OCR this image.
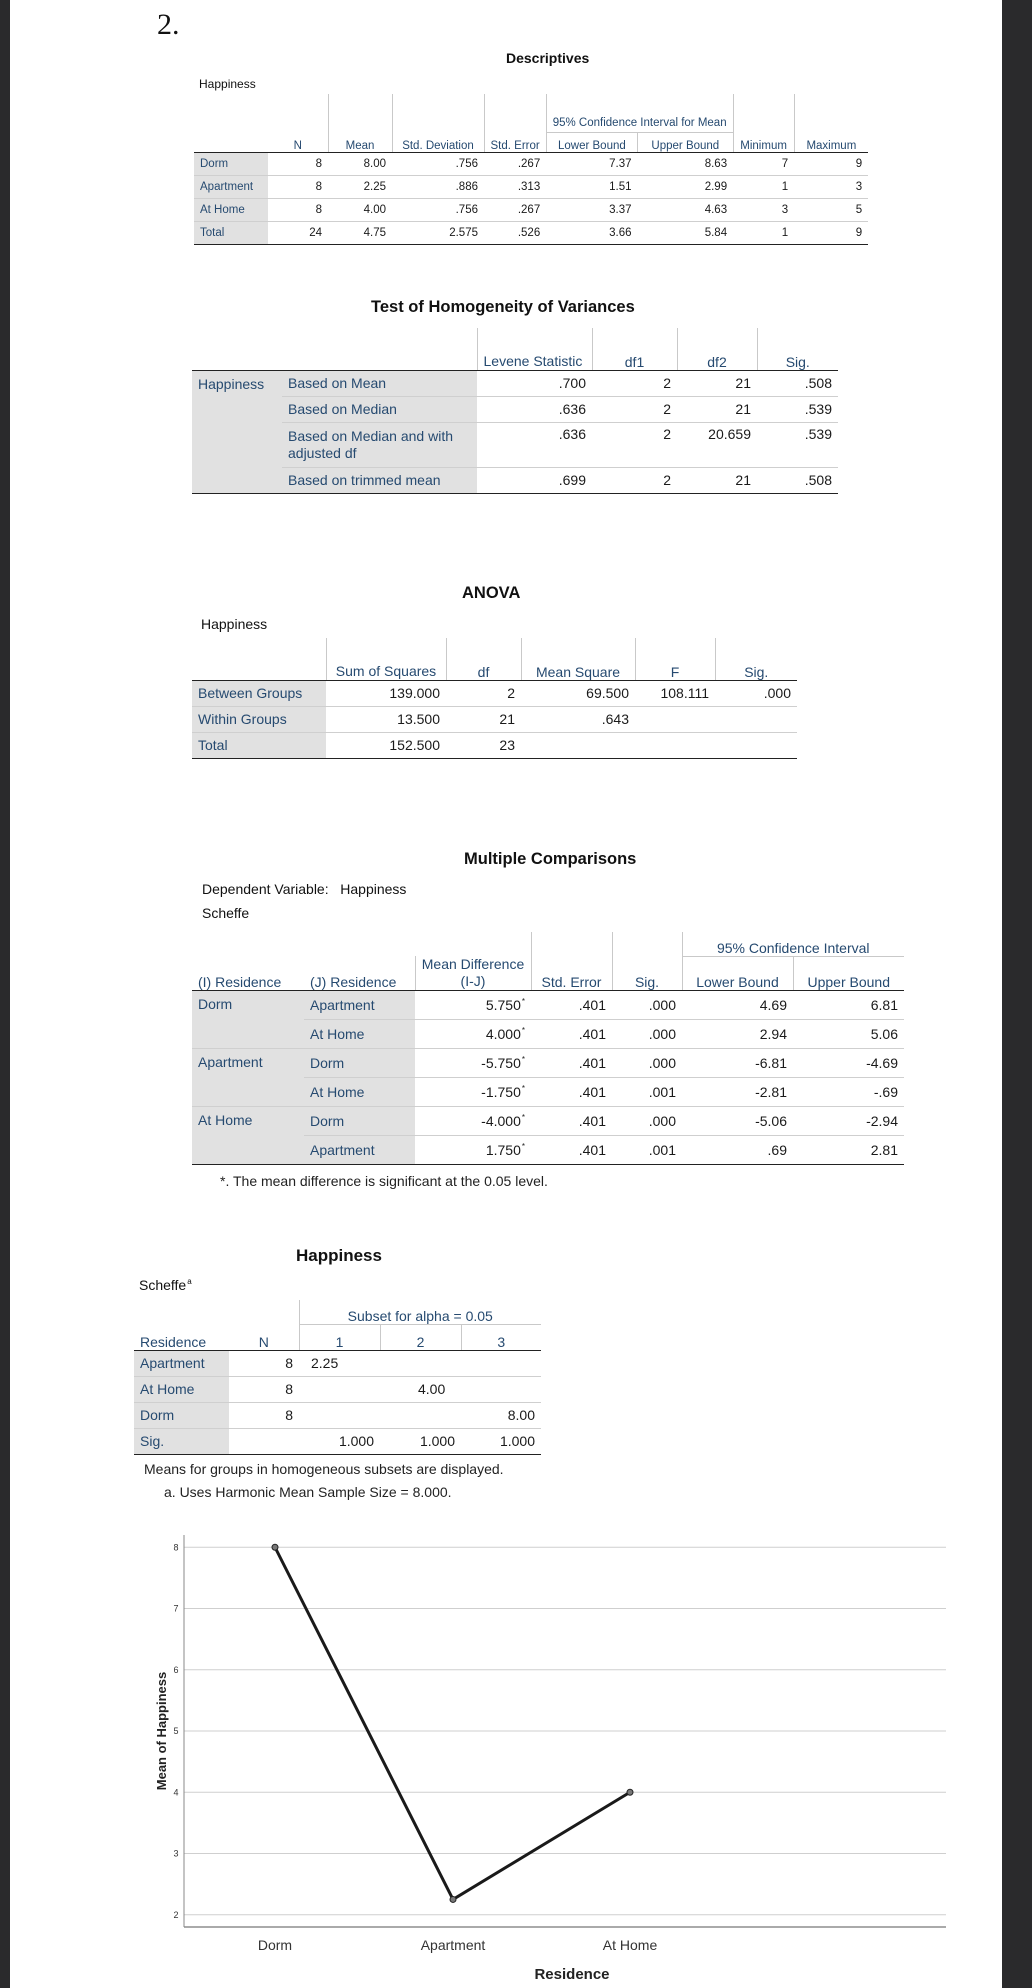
2.
Descriptives
Happiness
					95% Confidence Interval for Mean			
	N	Mean	Std. Deviation	Std. Error	Lower Bound	Upper Bound	Minimum	Maximum
Dorm	8	8.00	.756	.267	7.37	8.63	7	9
Apartment	8	2.25	.886	.313	1.51	2.99	1	3
At Home	8	4.00	.756	.267	3.37	4.63	3	5
Total	24	4.75	2.575	.526	3.66	5.84	1	9
Test of Homogeneity of Variances
		Levene Statistic	df1	df2	Sig.
Happiness	Based on Mean	.700	2	21	.508
	Based on Median	.636	2	21	.539
	Based on Median and with adjusted df	.636	2	20.659	.539
	Based on trimmed mean	.699	2	21	.508
ANOVA
Happiness
	Sum of Squares	df	Mean Square	F	Sig.
Between Groups	139.000	2	69.500	108.111	.000
Within Groups	13.500	21	.643		
Total	152.500	23			
Multiple Comparisons
Dependent Variable: Happiness
Scheffe
					95% Confidence Interval	
(I) Residence	(J) Residence	Mean Difference (I-J)	Std. Error	Sig.	Lower Bound	Upper Bound
Dorm	Apartment	5.750*	.401	.000	4.69	6.81
	At Home	4.000*	.401	.000	2.94	5.06
Apartment	Dorm	-5.750*	.401	.000	-6.81	-4.69
	At Home	-1.750*	.401	.001	-2.81	-.69
At Home	Dorm	-4.000*	.401	.000	-5.06	-2.94
	Apartment	1.750*	.401	.001	.69	2.81
*. The mean difference is significant at the 0.05 level.
Happiness
Scheffe$^a$
		Subset for alpha = 0.05		
Residence	N	1	2	3
Apartment	8	2.25		
At Home	8		4.00	
Dorm	8			8.00
Sig.		1.000	1.000	1.000
Means for groups in homogeneous subsets are displayed.
a. Uses Harmonic Mean Sample Size = 8.000.
2
3
4
5
6
7
8
Dorm	Apartment	At Home
Mean of Happiness
Residence
